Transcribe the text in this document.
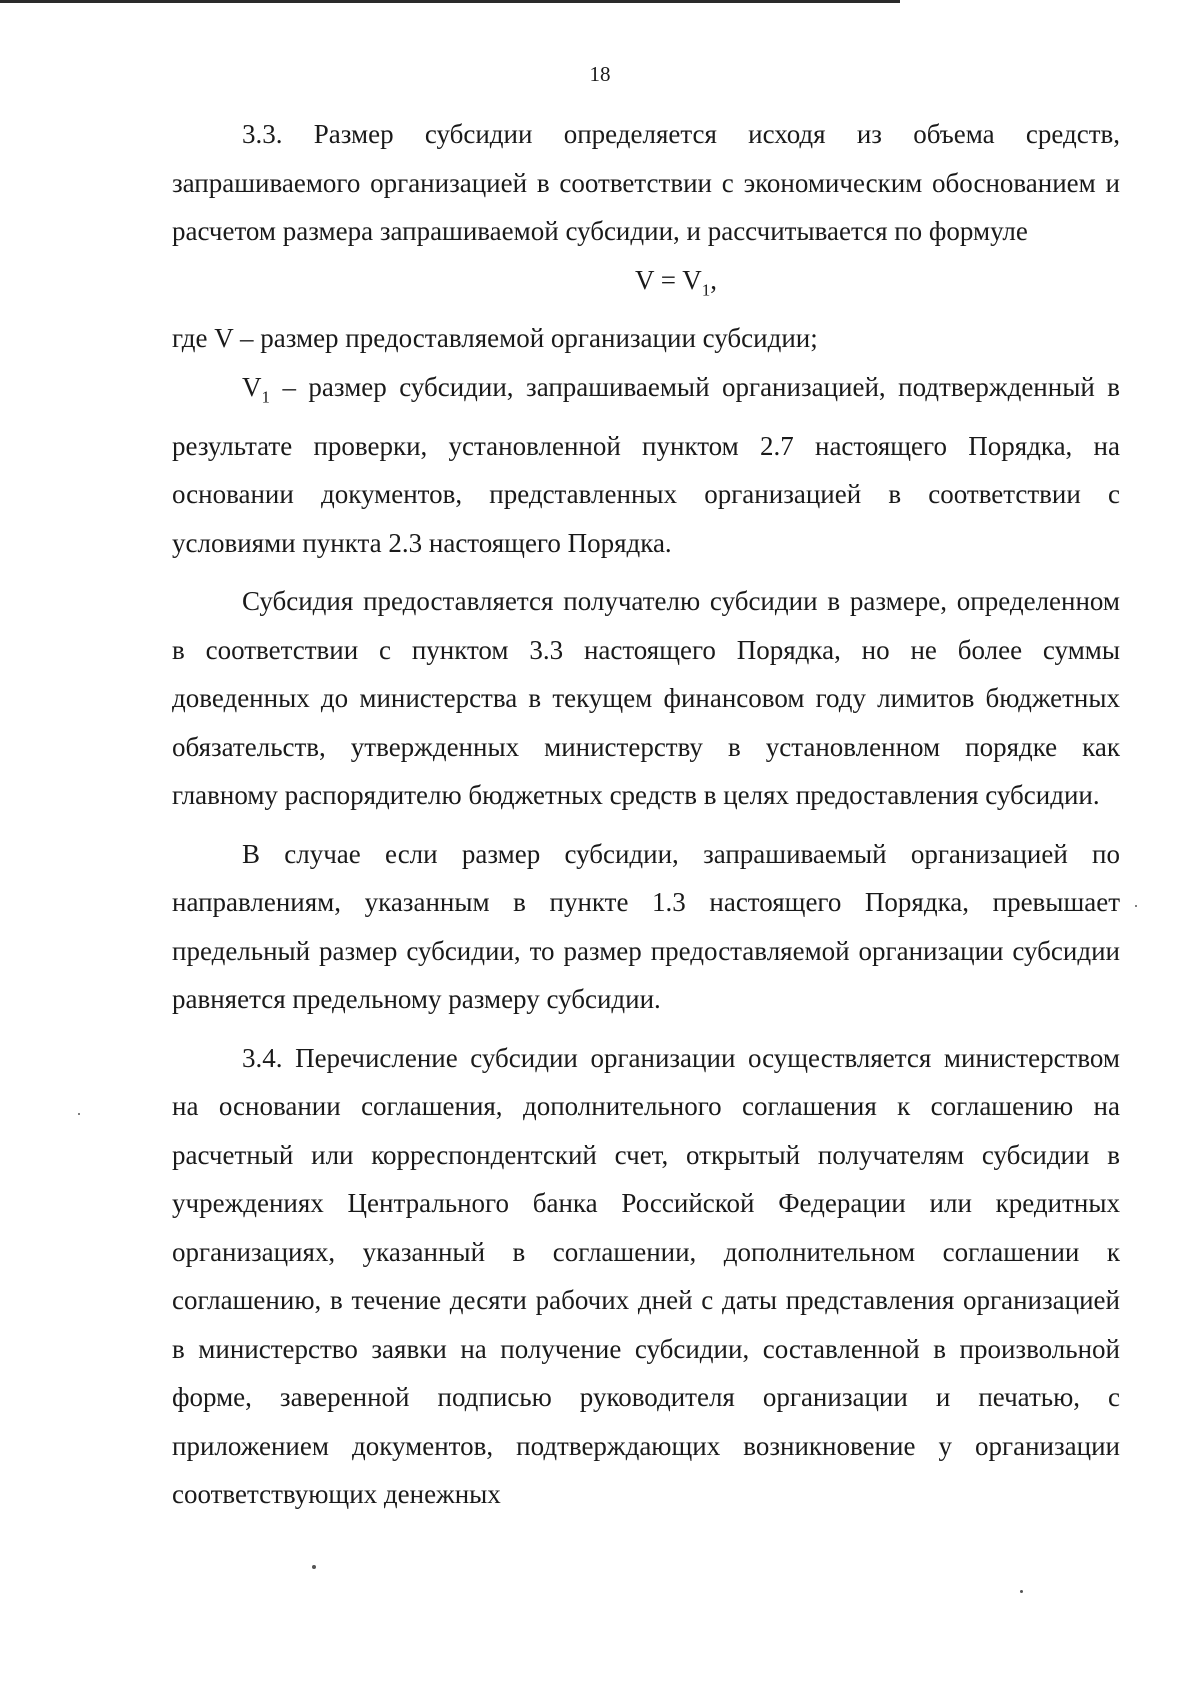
18

3.3. Размер субсидии определяется исходя из объема средств, запрашиваемого организацией в соответствии с экономическим обоснованием и расчетом размера запрашиваемой субсидии, и рассчитывается по формуле

$V = V_1$,

где V – размер предоставляемой организации субсидии;

$V_1$ – размер субсидии, запрашиваемый организацией, подтвержденный в результате проверки, установленной пунктом 2.7 настоящего Порядка, на основании документов, представленных организацией в соответствии с условиями пункта 2.3 настоящего Порядка.

Субсидия предоставляется получателю субсидии в размере, определенном в соответствии с пунктом 3.3 настоящего Порядка, но не более суммы доведенных до министерства в текущем финансовом году лимитов бюджетных обязательств, утвержденных министерству в установленном порядке как главному распорядителю бюджетных средств в целях предоставления субсидии.

В случае если размер субсидии, запрашиваемый организацией по направлениям, указанным в пункте 1.3 настоящего Порядка, превышает предельный размер субсидии, то размер предоставляемой организации субсидии равняется предельному размеру субсидии.

3.4. Перечисление субсидии организации осуществляется министерством на основании соглашения, дополнительного соглашения к соглашению на расчетный или корреспондентский счет, открытый получателям субсидии в учреждениях Центрального банка Российской Федерации или кредитных организациях, указанный в соглашении, дополнительном соглашении к соглашению, в течение десяти рабочих дней с даты представления организацией в министерство заявки на получение субсидии, составленной в произвольной форме, заверенной подписью руководителя организации и печатью, с приложением документов, подтверждающих возникновение у организации соответствующих денежных
